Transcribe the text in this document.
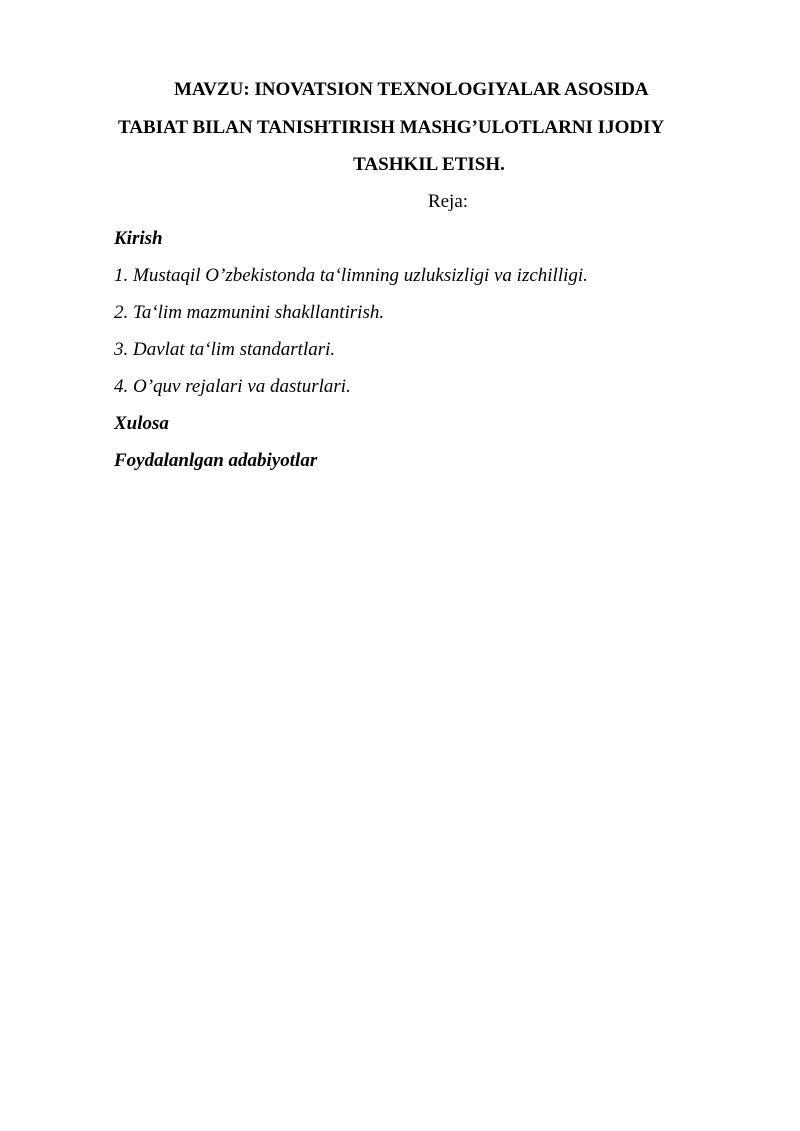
MAVZU: INOVATSION TEXNOLOGIYALAR ASOSIDA
TABIAT BILAN TANISHTIRISH MASHG’ULOTLARNI IJODIY
TASHKIL ETISH.
Reja:
Kirish
1. Mustaqil O’zbekistonda ta‘limning uzluksizligi va izchilligi.
2. Ta‘lim mazmunini shakllantirish.
3. Davlat ta‘lim standartlari.
4. O’quv rejalari va dasturlari.
Xulosa
Foydalanlgan adabiyotlar
